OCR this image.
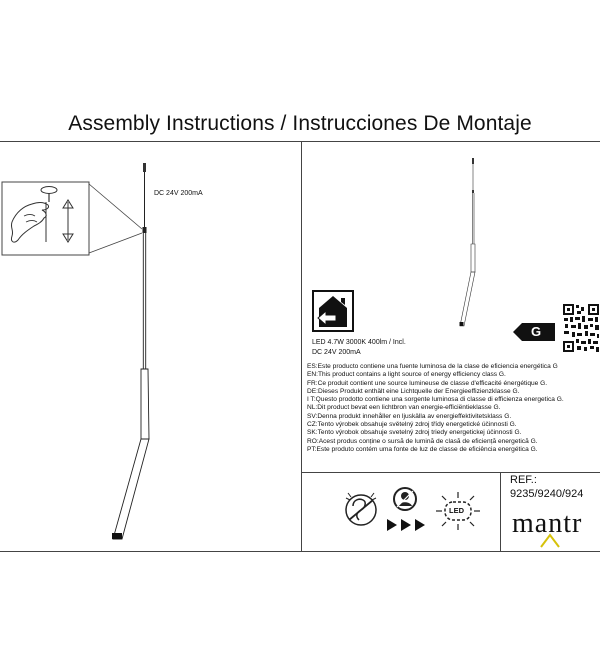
Assembly Instructions / Instrucciones De Montaje
DC 24V 200mA
LED 4.7W 3000K 400lm / Incl.
DC 24V 200mA
G
ES:Este producto contiene una fuente luminosa de la clase de eficiencia energética G
EN:This product contains a light source of energy efficiency class G.
FR:Ce produit contient une source lumineuse de classe d'efficacité énergétique G.
DE:Dieses Produkt enthält eine Lichtquelle der Energieeffizienzklasse G.
I T:Questo prodotto contiene una sorgente luminosa di classe di efficienza energetica G.
NL:Dit product bevat een lichtbron van energie-efficiëntieklasse G.
SV:Denna produkt innehåller en ljuskälla av energieffektivitetsklass G.
CZ:Tento výrobek obsahuje světelný zdroj třídy energetické účinnosti G.
SK:Tento výrobok obsahuje svetelný zdroj triedy energetickej účinnosti G.
RO:Acest produs conține o sursă de lumină de clasă de eficiență energetică G.
PT:Este produto contém uma fonte de luz de classe de eficiência energética G.
LED
REF.:
9235/9240/924
mantr
